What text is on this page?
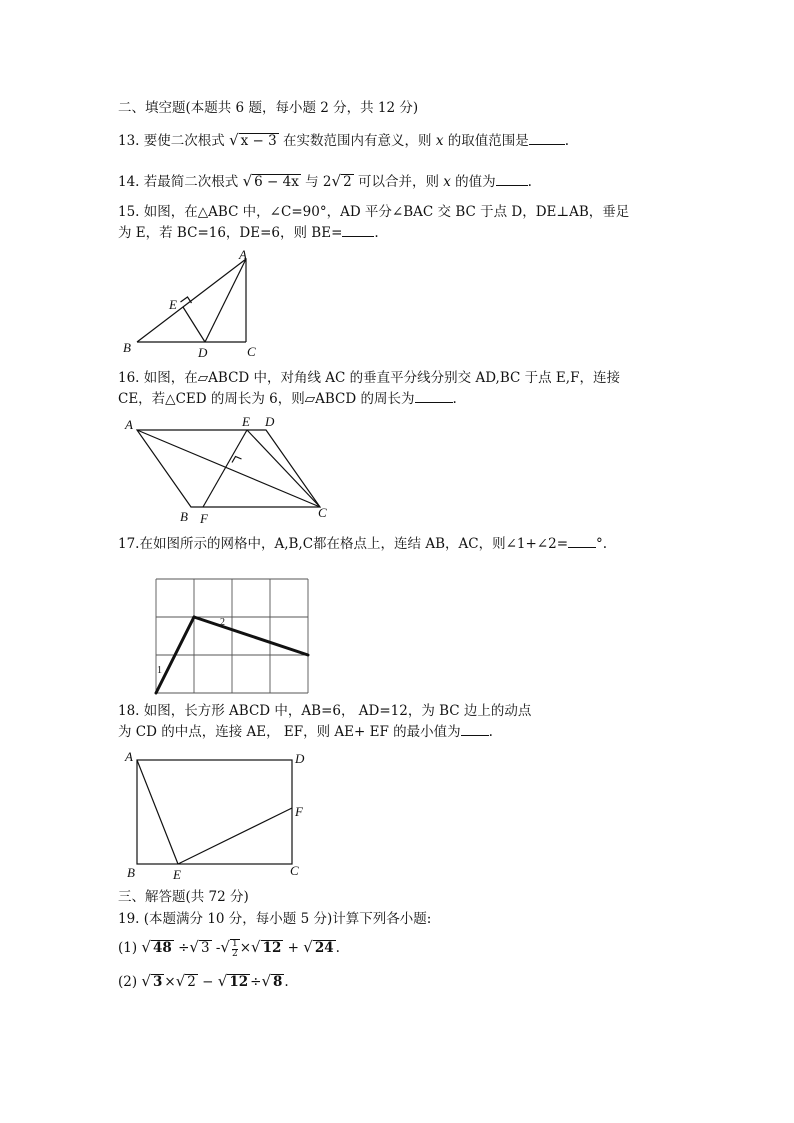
二、填空题(本题共 6 题，每小题 2 分，共 12 分)
13. 要使二次根式 √ x − 3 在实数范围内有意义，则 x 的取值范围是	.
14. 若最简二次根式 √ 6 − 4x 与 2√ 2 可以合并，则 x 的值为 .
15. 如图，在△ABC 中，∠C=90°，AD 平分∠BAC 交 BC 于点 D，DE⊥AB，垂足
为 E，若 BC=16，DE=6，则 BE= .
A
B	C
D
E
16. 如图，在▱ABCD 中，对角线 AC 的垂直平分线分别交 AD,BC 于点 E,F，连接
CE，若△CED 的周长为 6，则▱ABCD 的周长为	.
A
B	C
D
E
F
17.在如图所示的网格中，A,B,C都在格点上，连结 AB，AC，则∠1+∠2= °.
1
2
18. 如图，长方形 ABCD 中，AB=6， AD=12，为 BC 边上的动点
为 CD 的中点，连接 AE， EF，则 AE+ EF 的最小值为 .
A
B	C
D
E
F
三、解答题(共 72 分)
19. (本题满分 10 分，每小题 5 分)计算下列各小题:
(1) √ 48 ÷√ 3 -√ $\frac{1}{2}$ ×√ 12 + √ 24 .
(2) √ 3 ×√ 2 − √ 12 ÷√ 8 .
